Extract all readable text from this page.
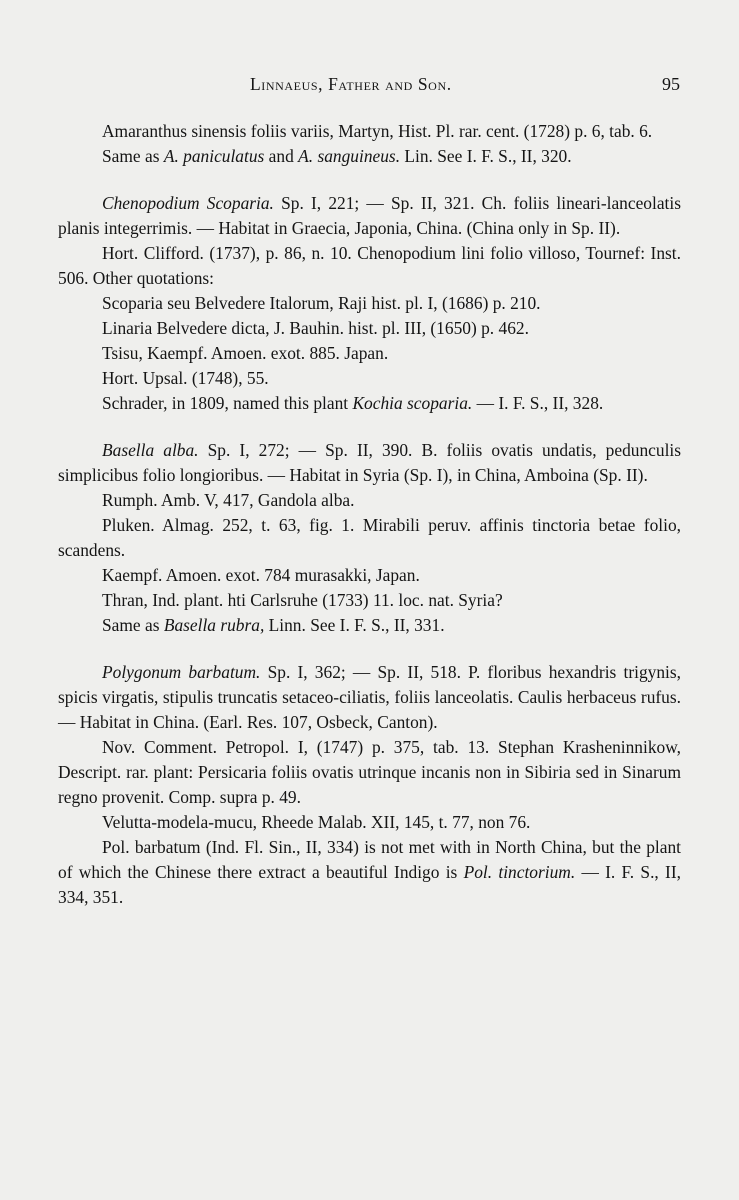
Linnaeus, Father and Son.	95

Amaranthus sinensis foliis variis, Martyn, Hist. Pl. rar. cent. (1728) p. 6, tab. 6.

Same as A. paniculatus and A. sanguineus. Lin. See I. F. S., II, 320.

Chenopodium Scoparia. Sp. I, 221; — Sp. II, 321. Ch. foliis lineari-lanceolatis planis integerrimis. — Habitat in Graecia, Japonia, China. (China only in Sp. II).

Hort. Clifford. (1737), p. 86, n. 10. Chenopodium lini folio villoso, Tournef: Inst. 506. Other quotations:

Scoparia seu Belvedere Italorum, Raji hist. pl. I, (1686) p. 210.

Linaria Belvedere dicta, J. Bauhin. hist. pl. III, (1650) p. 462.

Tsisu, Kaempf. Amoen. exot. 885. Japan.

Hort. Upsal. (1748), 55.

Schrader, in 1809, named this plant Kochia scoparia. — I. F. S., II, 328.

Basella alba. Sp. I, 272; — Sp. II, 390. B. foliis ovatis undatis, pedunculis simplicibus folio longioribus. — Habitat in Syria (Sp. I), in China, Amboina (Sp. II).

Rumph. Amb. V, 417, Gandola alba.

Pluken. Almag. 252, t. 63, fig. 1. Mirabili peruv. affinis tinctoria betae folio, scandens.

Kaempf. Amoen. exot. 784 murasakki, Japan.

Thran, Ind. plant. hti Carlsruhe (1733) 11. loc. nat. Syria?

Same as Basella rubra, Linn. See I. F. S., II, 331.

Polygonum barbatum. Sp. I, 362; — Sp. II, 518. P. floribus hexandris trigynis, spicis virgatis, stipulis truncatis setaceo-ciliatis, foliis lanceolatis. Caulis herbaceus rufus. — Habitat in China. (Earl. Res. 107, Osbeck, Canton).

Nov. Comment. Petropol. I, (1747) p. 375, tab. 13. Stephan Krasheninnikow, Descript. rar. plant: Persicaria foliis ovatis utrinque incanis non in Sibiria sed in Sinarum regno provenit. Comp. supra p. 49.

Velutta-modela-mucu, Rheede Malab. XII, 145, t. 77, non 76.

Pol. barbatum (Ind. Fl. Sin., II, 334) is not met with in North China, but the plant of which the Chinese there extract a beautiful Indigo is Pol. tinctorium. — I. F. S., II, 334, 351.
